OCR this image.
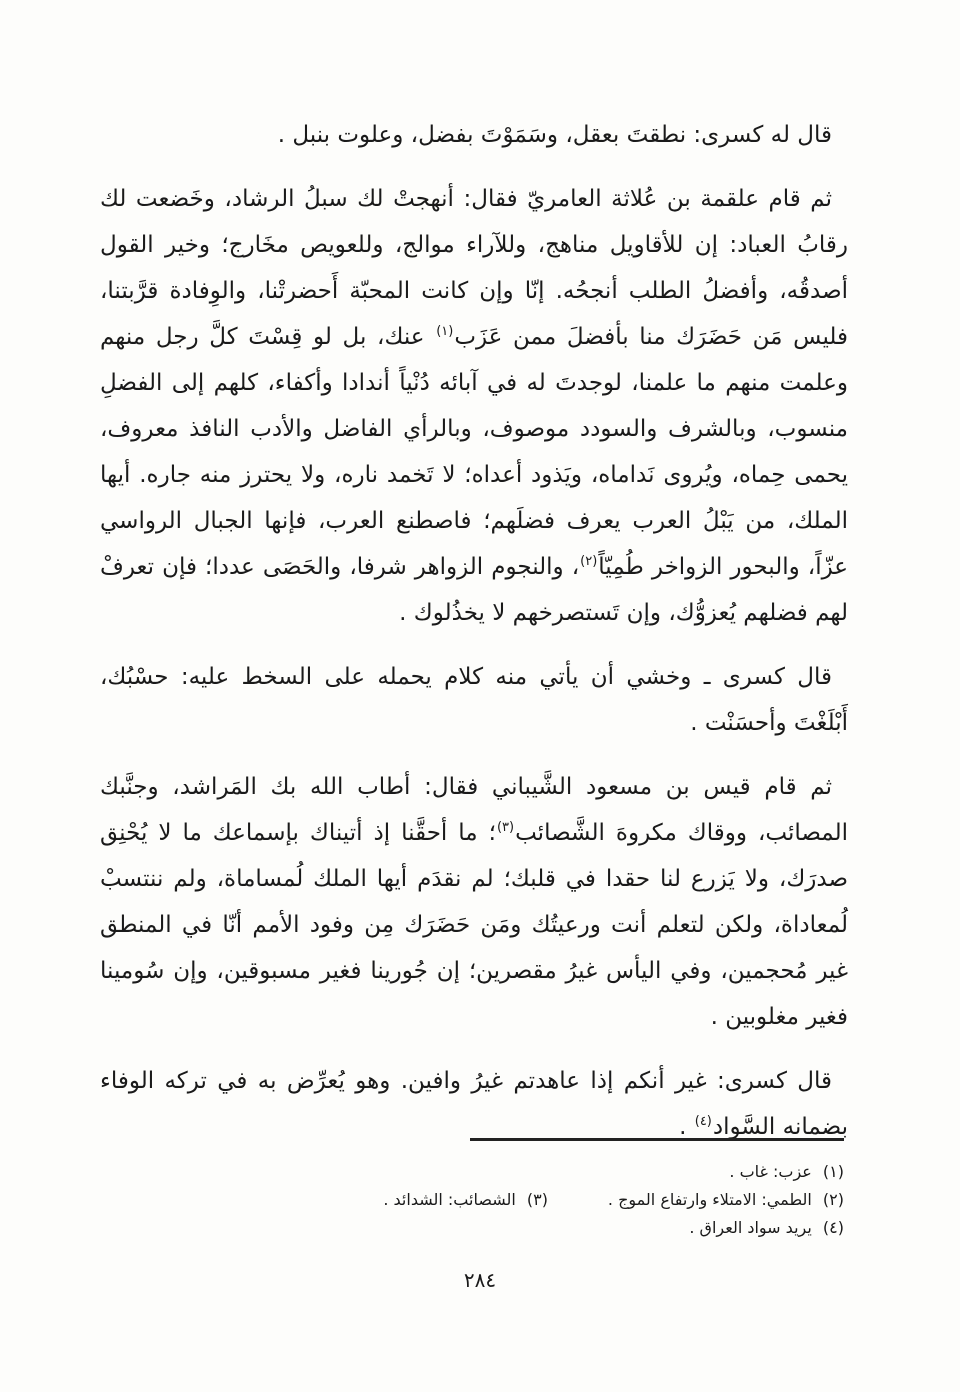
قال له كسرى: نطقتَ بعقل، وسَمَوْتَ بفضل، وعلوت بنبل .

ثم قام علقمة بن عُلاثة العامريّ فقال: أنهجتْ لك سبلُ الرشاد، وخَضعت لك رقابُ العباد: إن للأقاويل مناهج، وللآراء موالج، وللعويص مخَارج؛ وخير القول أصدقُه، وأفضلُ الطلب أنجحُه. إنّا وإن كانت المحبّة أَحضرتْنا، والوِفادة قرَّبتنا، فليس مَن حَضَرَك منا بأفضلَ ممن عَزَب$^{(١)}$ عنك، بل لو قِسْتَ كلَّ رجل منهم وعلمت منهم ما علمنا، لوجدتَ له في آبائه دُنْياً أندادا وأكفاء، كلهم إلى الفضلِ منسوب، وبالشرف والسودد موصوف، وبالرأي الفاضل والأدب النافذ معروف، يحمى حِماه، ويُروى نَداماه، ويَذود أعداه؛ لا تَخمد ناره، ولا يحترز منه جاره. أيها الملك، من يَبْلُ العرب يعرف فضلَهم؛ فاصطنع العرب، فإنها الجبال الرواسي عزّاً، والبحور الزواخر طُمِيّاً$^{(٢)}$، والنجوم الزواهر شرفا، والحَصَى عددا؛ فإن تعرفْ لهم فضلهم يُعزوُّك، وإن تَستصرخهم لا يخذُلوك .

قال كسرى ـ وخشي أن يأتي منه كلام يحمله على السخط عليه: حسْبُك، أَبْلَغْتَ وأحسَنْت .

ثم قام قيس بن مسعود الشَّيباني فقال: أطاب الله بك المَراشد، وجنَّبك المصائب، ووقاك مكروهَ الشَّصائب$^{(٣)}$؛ ما أحقَّنا إذ أتيناك بإسماعك ما لا يُحْنِق صدرَك، ولا يَزرع لنا حقدا في قلبك؛ لم نقدَم أيها الملك لُمساماة، ولم ننتسبْ لُمعاداة، ولكن لتعلم أنت ورعيتُك ومَن حَضَرَك مِن وفود الأمم أنّا في المنطق غير مُحجمين، وفي اليأس غيرُ مقصرين؛ إن جُورينا فغير مسبوقين، وإن سُومينا فغير مغلوبين .

قال كسرى: غير أنكم إذا عاهدتم غيرُ وافين. وهو يُعرِّض به في تركه الوفاء بضمانه السَّواد$^{(٤)}$ .

(١) عزب: غاب .
(٢) الطمي: الامتلاء وارتفاع الموج .
(٣) الشصائب: الشدائد .
(٤) يريد سواد العراق .
٢٨٤
